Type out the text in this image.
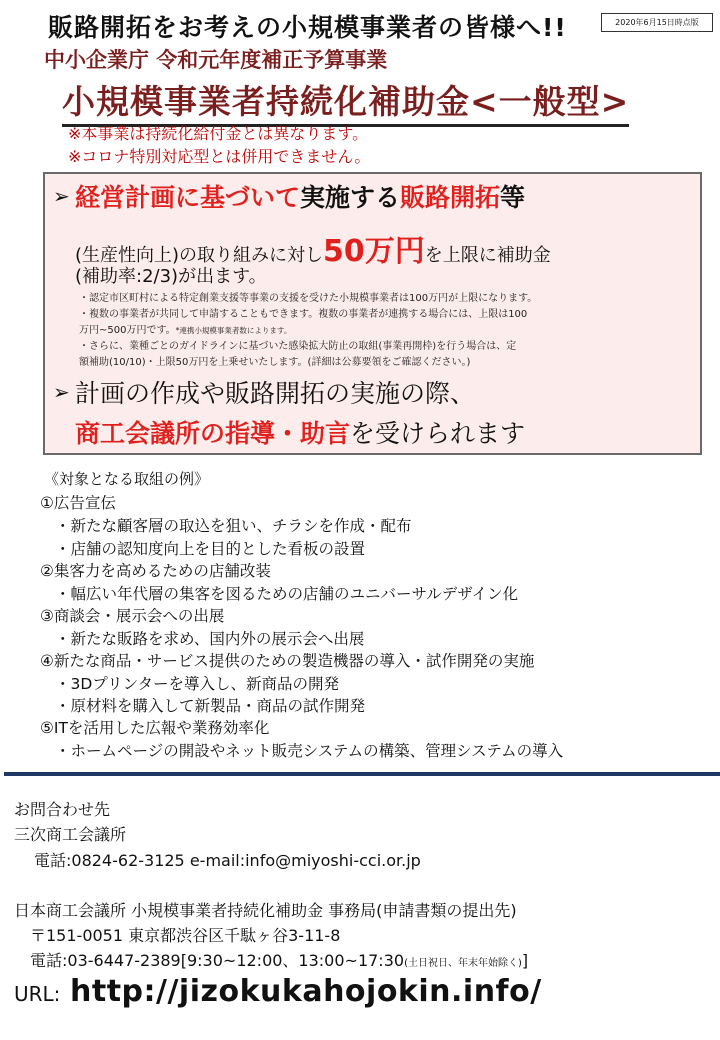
販路開拓をお考えの小規模事業者の皆様へ!!	2020年6月15日時点版
中小企業庁 令和元年度補正予算事業
小規模事業者持続化補助金<一般型>
※本事業は持続化給付金とは異なります。
※コロナ特別対応型とは併用できません。
➢ 経営計画に基づいて実施する販路開拓等
(生産性向上)の取り組みに対し50万円を上限に補助金
(補助率:2/3)が出ます。
・認定市区町村による特定創業支援等事業の支援を受けた小規模事業者は100万円が上限になります。
・複数の事業者が共同して申請することもできます。複数の事業者が連携する場合には、上限は100
万円~500万円です。*連携小規模事業者数によります。
・さらに、業種ごとのガイドラインに基づいた感染拡大防止の取組(事業再開枠)を行う場合は、定
額補助(10/10)・上限50万円を上乗せいたします。(詳細は公募要領をご確認ください。)
➢ 計画の作成や販路開拓の実施の際、
商工会議所の指導・助言を受けられます
《対象となる取組の例》
①広告宣伝
・新たな顧客層の取込を狙い、チラシを作成・配布
・店舗の認知度向上を目的とした看板の設置
②集客力を高めるための店舗改装
・幅広い年代層の集客を図るための店舗のユニバーサルデザイン化
③商談会・展示会への出展
・新たな販路を求め、国内外の展示会へ出展
④新たな商品・サービス提供のための製造機器の導入・試作開発の実施
・3Dプリンターを導入し、新商品の開発
・原材料を購入して新製品・商品の試作開発
⑤ITを活用した広報や業務効率化
・ホームページの開設やネット販売システムの構築、管理システムの導入
お問合わせ先
三次商工会議所
電話:0824-62-3125 e-mail:info@miyoshi-cci.or.jp
日本商工会議所 小規模事業者持続化補助金 事務局(申請書類の提出先)
〒151-0051 東京都渋谷区千駄ヶ谷3-11-8
電話:03-6447-2389[9:30~12:00、13:00~17:30(土日祝日、年末年始除く)]
URL: http://jizokukahojokin.info/
